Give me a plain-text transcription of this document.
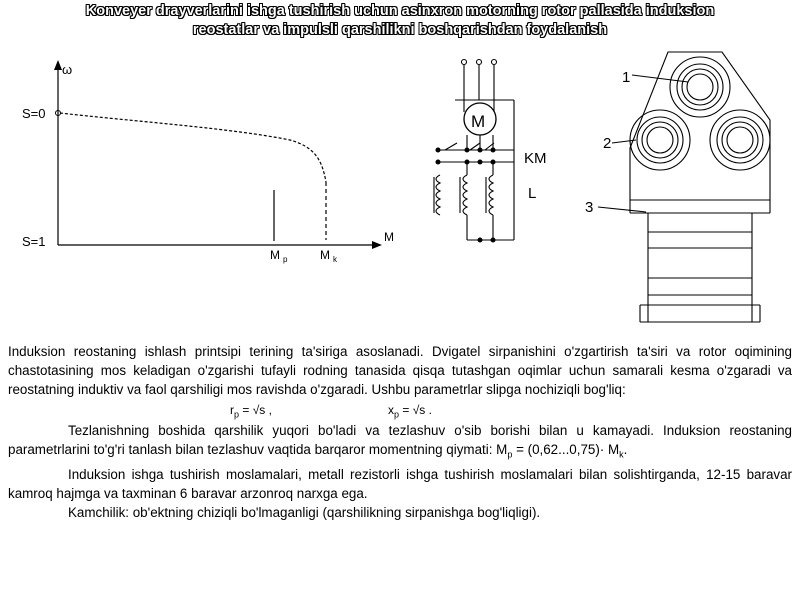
Konveyer drayverlarini ishga tushirish uchun asinxron motorning rotor pallasida induksion
reostatlar va impulsli qarshilikni boshqarishdan foydalanish
ω
S=0
S=1
M $_p$	M $_k$
M
M
KM
L
1
2
3

Induksion reostaning ishlash printsipi terining ta'siriga asoslanadi. Dvigatel sirpanishini o'zgartirish ta'siri va rotor oqimining chastotasining mos keladigan o'zgarishi tufayli rodning tanasida qisqa tutashgan oqimlar uchun samarali kesma o'zgaradi va reostatning induktiv va faol qarshiligi mos ravishda o'zgaradi. Ushbu parametrlar slipga nochiziqli bog'liq:

$r_p = √s$ ,	$x_p = √s$ .

Tezlanishning boshida qarshilik yuqori bo'ladi va tezlashuv o'sib borishi bilan u kamayadi. Induksion reostaning parametrlarini to'g'ri tanlash bilan tezlashuv vaqtida barqaror momentning qiymati: $M_p = (0,62...0,75)\cdot M_k$.

Induksion ishga tushirish moslamalari, metall rezistorli ishga tushirish moslamalari bilan solishtirganda, 12-15 baravar kamroq hajmga va taxminan 6 baravar arzonroq narxga ega.

Kamchilik: ob'ektning chiziqli bo'lmaganligi (qarshilikning sirpanishga bog'liqligi).
